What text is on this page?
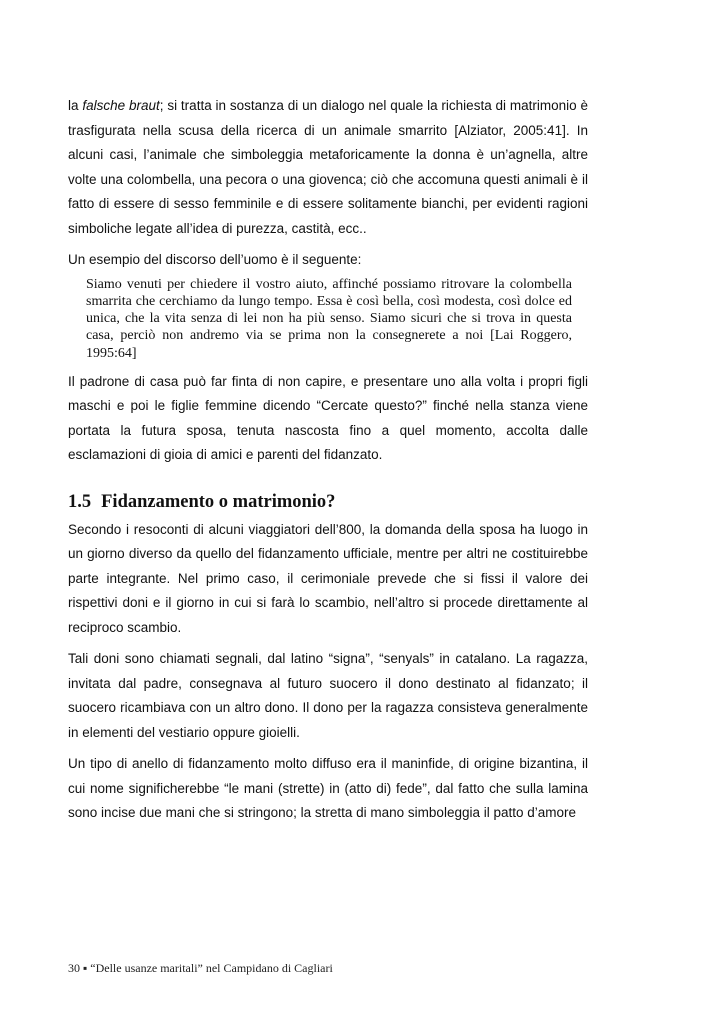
la falsche braut; si tratta in sostanza di un dialogo nel quale la richiesta di matrimonio è trasfigurata nella scusa della ricerca di un animale smarrito [Alziator, 2005:41]. In alcuni casi, l’animale che simboleggia metaforicamente la donna è un’agnella, altre volte una colombella, una pecora o una giovenca; ciò che accomuna questi animali è il fatto di essere di sesso femminile e di essere solitamente bianchi, per evidenti ragioni simboliche legate all’idea di purezza, castità, ecc..

Un esempio del discorso dell’uomo è il seguente:

Siamo venuti per chiedere il vostro aiuto, affinché possiamo ritrovare la colombella smarrita che cerchiamo da lungo tempo. Essa è così bella, così modesta, così dolce ed unica, che la vita senza di lei non ha più senso. Siamo sicuri che si trova in questa casa, perciò non andremo via se prima non la consegnerete a noi [Lai Roggero, 1995:64]

Il padrone di casa può far finta di non capire, e presentare uno alla volta i propri figli maschi e poi le figlie femmine dicendo “Cercate questo?” finché nella stanza viene portata la futura sposa, tenuta nascosta fino a quel momento, accolta dalle esclamazioni di gioia di amici e parenti del fidanzato.

1.5 Fidanzamento o matrimonio?

Secondo i resoconti di alcuni viaggiatori dell’800, la domanda della sposa ha luogo in un giorno diverso da quello del fidanzamento ufficiale, mentre per altri ne costituirebbe parte integrante. Nel primo caso, il cerimoniale prevede che si fissi il valore dei rispettivi doni e il giorno in cui si farà lo scambio, nell’altro si procede direttamente al reciproco scambio.

Tali doni sono chiamati segnali, dal latino “signa”, “senyals” in catalano. La ragazza, invitata dal padre, consegnava al futuro suocero il dono destinato al fidanzato; il suocero ricambiava con un altro dono. Il dono per la ragazza consisteva generalmente in elementi del vestiario oppure gioielli.

Un tipo di anello di fidanzamento molto diffuso era il maninfide, di origine bizantina, il cui nome significherebbe “le mani (strette) in (atto di) fede”, dal fatto che sulla lamina sono incise due mani che si stringono; la stretta di mano simboleggia il patto d’amore

30 ▪ “Delle usanze maritali” nel Campidano di Cagliari
